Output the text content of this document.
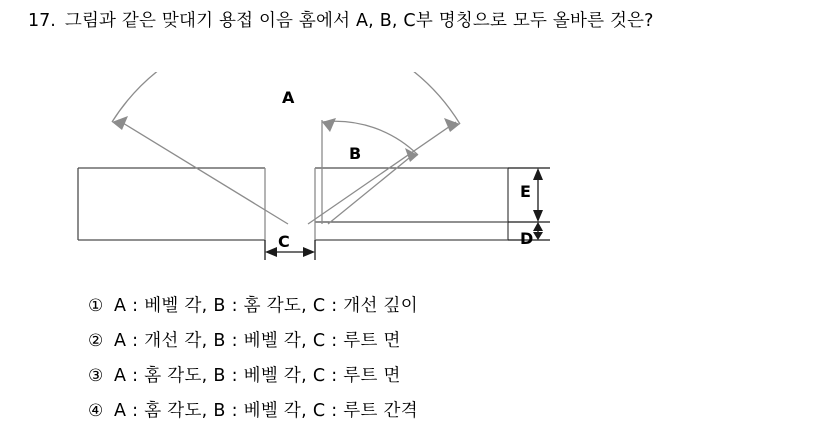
17. 그림과 같은 맞대기 용접 이음 홈에서 A, B, C부 명칭으로 모두 올바른 것은?
A
B
C	D
E
① A : 베벨 각, B : 홈 각도, C : 개선 깊이
② A : 개선 각, B : 베벨 각, C : 루트 면
③ A : 홈 각도, B : 베벨 각, C : 루트 면
④ A : 홈 각도, B : 베벨 각, C : 루트 간격
